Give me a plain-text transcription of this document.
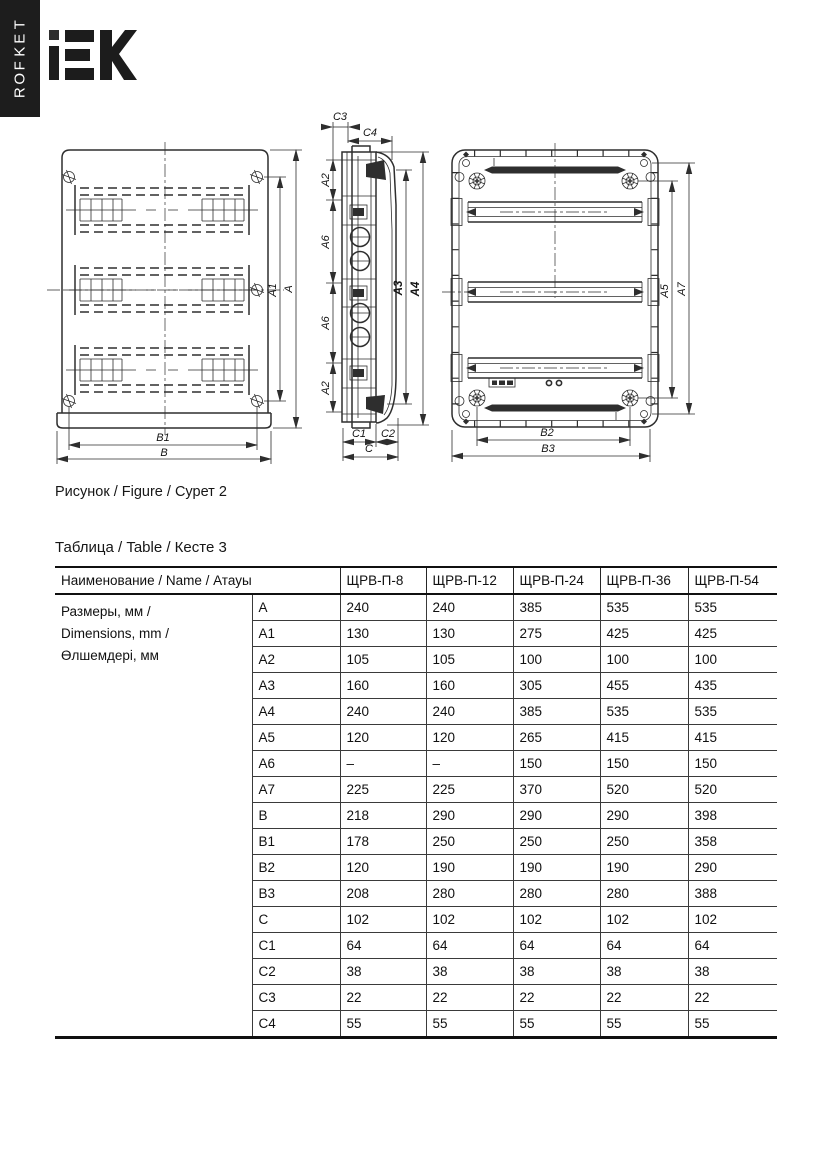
A1 A
B1
B
A2
A6
A6
A2
A3 A4
C3
C4
C1 C2
C
A5 A7
B2
B3
T
E
K
F
O
R
Рисунок / Figure / Сурет 2
Таблица / Table / Кесте 3
Наименование / Name / Атауы		ЩРВ-П-8	ЩРВ-П-12	ЩРВ-П-24	ЩРВ-П-36	ЩРВ-П-54
Размеры, мм /
Dimensions, mm /
Өлшемдері, мм	A	240	240	385	535	535
	A1	130	130	275	425	425
	A2	105	105	100	100	100
	A3	160	160	305	455	435
	A4	240	240	385	535	535
	A5	120	120	265	415	415
	A6	–	–	150	150	150
	A7	225	225	370	520	520
	B	218	290	290	290	398
	B1	178	250	250	250	358
	B2	120	190	190	190	290
	B3	208	280	280	280	388
	C	102	102	102	102	102
	C1	64	64	64	64	64
	C2	38	38	38	38	38
	C3	22	22	22	22	22
	C4	55	55	55	55	55
